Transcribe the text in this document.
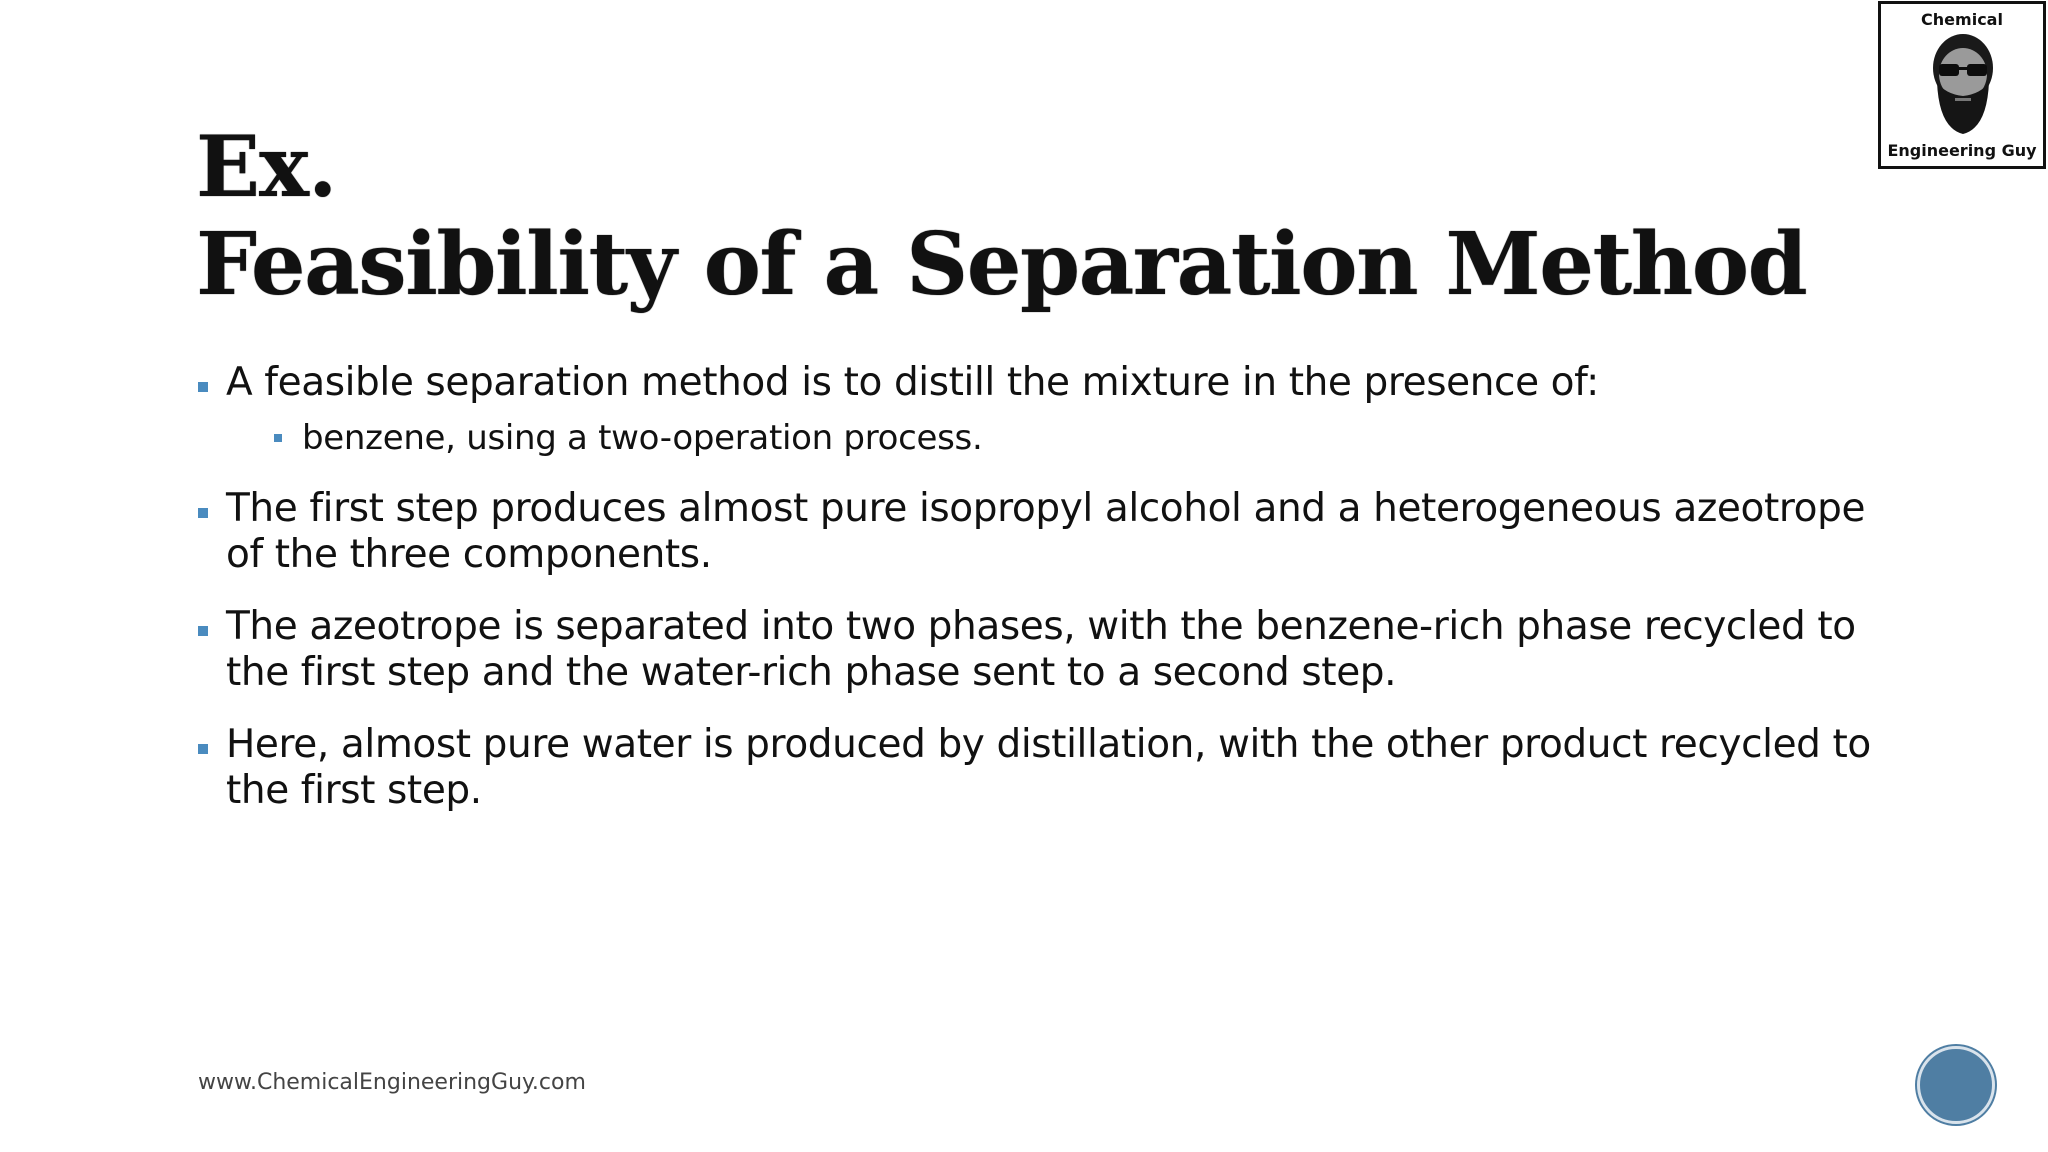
Ex.
Feasibility of a Separation Method
A feasible separation method is to distill the mixture in the presence of:
benzene, using a two-operation process.
The first step produces almost pure isopropyl alcohol and a heterogeneous azeotrope of the three components.
The azeotrope is separated into two phases, with the benzene-rich phase recycled to the first step and the water-rich phase sent to a second step.
Here, almost pure water is produced by distillation, with the other product recycled to the first step.
www.ChemicalEngineeringGuy.com
Chemical
Engineering Guy
